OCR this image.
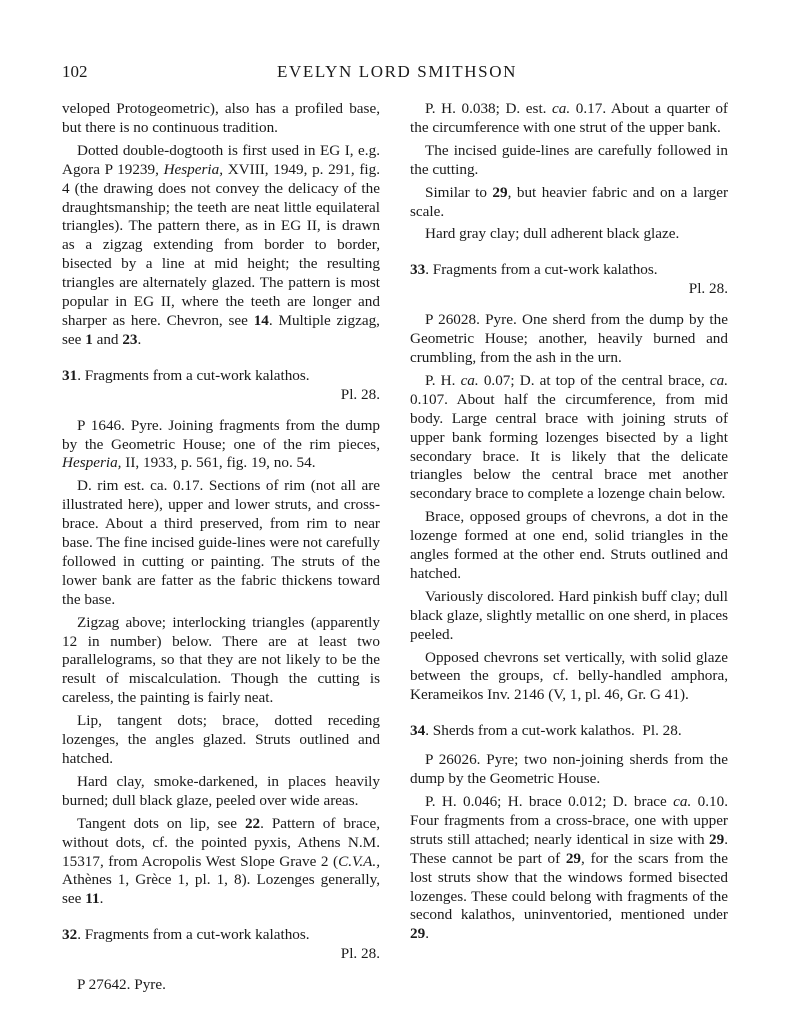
102	EVELYN LORD SMITHSON

veloped Protogeometric), also has a profiled base, but there is no continuous tradition.

Dotted double-dogtooth is first used in EG I, e.g. Agora P 19239, Hesperia, XVIII, 1949, p. 291, fig. 4 (the drawing does not convey the delicacy of the draughtsmanship; the teeth are neat little equilateral triangles). The pattern there, as in EG II, is drawn as a zigzag extending from border to border, bisected by a line at mid height; the resulting triangles are alternately glazed. The pattern is most popular in EG II, where the teeth are longer and sharper as here. Chevron, see 14. Multiple zigzag, see 1 and 23.

31. Fragments from a cut-work kalathos.

Pl. 28.

P 1646. Pyre. Joining fragments from the dump by the Geometric House; one of the rim pieces, Hesperia, II, 1933, p. 561, fig. 19, no. 54.

D. rim est. ca. 0.17. Sections of rim (not all are illustrated here), upper and lower struts, and cross-brace. About a third preserved, from rim to near base. The fine incised guide-lines were not carefully followed in cutting or painting. The struts of the lower bank are fatter as the fabric thickens toward the base.

Zigzag above; interlocking triangles (apparently 12 in number) below. There are at least two parallelograms, so that they are not likely to be the result of miscalculation. Though the cutting is careless, the painting is fairly neat.

Lip, tangent dots; brace, dotted receding lozenges, the angles glazed. Struts outlined and hatched.

Hard clay, smoke-darkened, in places heavily burned; dull black glaze, peeled over wide areas.

Tangent dots on lip, see 22. Pattern of brace, without dots, cf. the pointed pyxis, Athens N.M. 15317, from Acropolis West Slope Grave 2 (C.V.A., Athènes 1, Grèce 1, pl. 1, 8). Lozenges generally, see 11.

32. Fragments from a cut-work kalathos.

Pl. 28.

P 27642. Pyre.

P. H. 0.038; D. est. ca. 0.17. About a quarter of the circumference with one strut of the upper bank.

The incised guide-lines are carefully followed in the cutting.

Similar to 29, but heavier fabric and on a larger scale.

Hard gray clay; dull adherent black glaze.

33. Fragments from a cut-work kalathos.

Pl. 28.

P 26028. Pyre. One sherd from the dump by the Geometric House; another, heavily burned and crumbling, from the ash in the urn.

P. H. ca. 0.07; D. at top of the central brace, ca. 0.107. About half the circumference, from mid body. Large central brace with joining struts of upper bank forming lozenges bisected by a light secondary brace. It is likely that the delicate triangles below the central brace met another secondary brace to complete a lozenge chain below.

Brace, opposed groups of chevrons, a dot in the lozenge formed at one end, solid triangles in the angles formed at the other end. Struts outlined and hatched.

Variously discolored. Hard pinkish buff clay; dull black glaze, slightly metallic on one sherd, in places peeled.

Opposed chevrons set vertically, with solid glaze between the groups, cf. belly-handled amphora, Kerameikos Inv. 2146 (V, 1, pl. 46, Gr. G 41).

34. Sherds from a cut-work kalathos. Pl. 28.

P 26026. Pyre; two non-joining sherds from the dump by the Geometric House.

P. H. 0.046; H. brace 0.012; D. brace ca. 0.10. Four fragments from a cross-brace, one with upper struts still attached; nearly identical in size with 29. These cannot be part of 29, for the scars from the lost struts show that the windows formed bisected lozenges. These could belong with fragments of the second kalathos, uninventoried, mentioned under 29.
